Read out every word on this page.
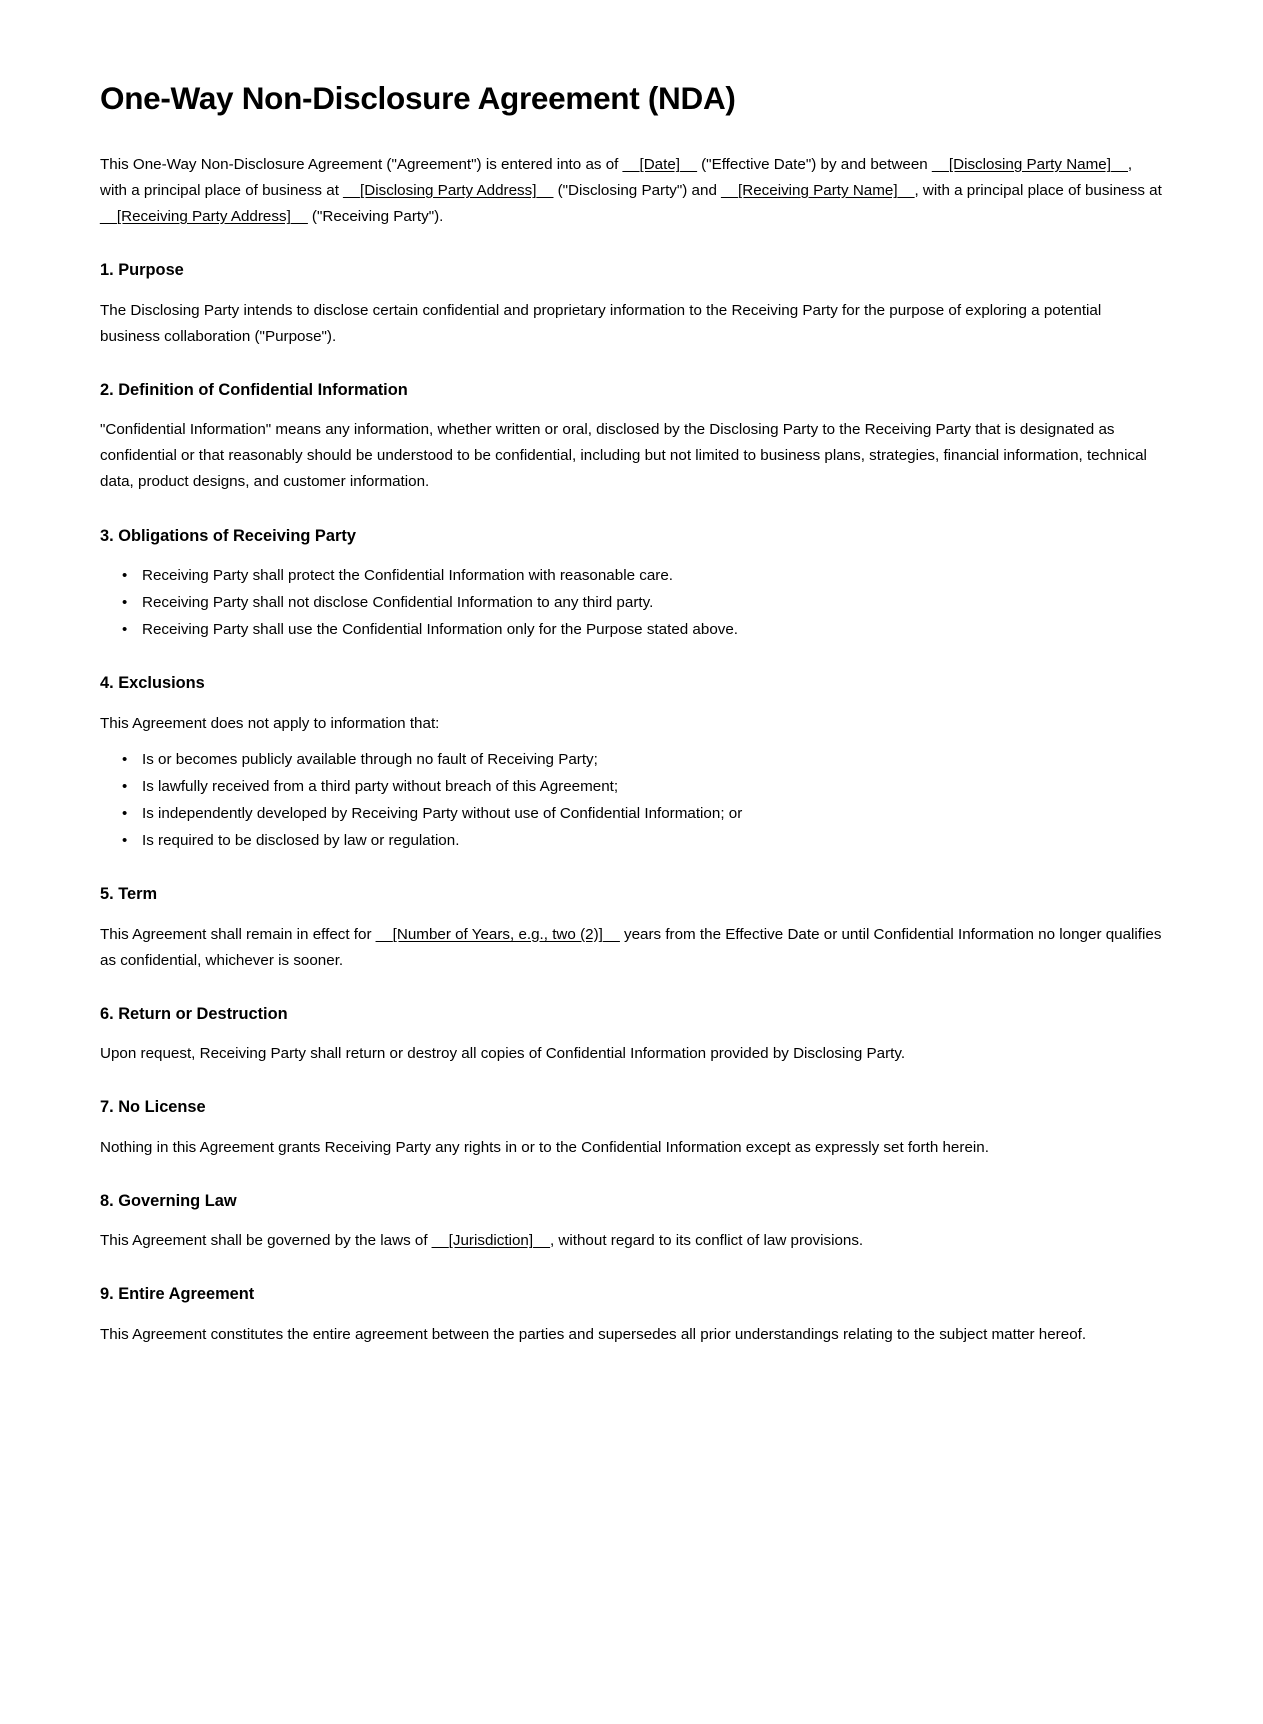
One-Way Non-Disclosure Agreement (NDA)

This One-Way Non-Disclosure Agreement ("Agreement") is entered into as of __[Date]__ ("Effective Date") by and between __[Disclosing Party Name]__, with a principal place of business at __[Disclosing Party Address]__ ("Disclosing Party") and __[Receiving Party Name]__, with a principal place of business at __[Receiving Party Address]__ ("Receiving Party").

1. Purpose

The Disclosing Party intends to disclose certain confidential and proprietary information to the Receiving Party for the purpose of exploring a potential business collaboration ("Purpose").

2. Definition of Confidential Information

"Confidential Information" means any information, whether written or oral, disclosed by the Disclosing Party to the Receiving Party that is designated as confidential or that reasonably should be understood to be confidential, including but not limited to business plans, strategies, financial information, technical data, product designs, and customer information.

3. Obligations of Receiving Party
• Receiving Party shall protect the Confidential Information with reasonable care.
• Receiving Party shall not disclose Confidential Information to any third party.
• Receiving Party shall use the Confidential Information only for the Purpose stated above.
4. Exclusions

This Agreement does not apply to information that:

• Is or becomes publicly available through no fault of Receiving Party;
• Is lawfully received from a third party without breach of this Agreement;
• Is independently developed by Receiving Party without use of Confidential Information; or
• Is required to be disclosed by law or regulation.
5. Term

This Agreement shall remain in effect for __[Number of Years, e.g., two (2)]__ years from the Effective Date or until Confidential Information no longer qualifies as confidential, whichever is sooner.

6. Return or Destruction

Upon request, Receiving Party shall return or destroy all copies of Confidential Information provided by Disclosing Party.

7. No License

Nothing in this Agreement grants Receiving Party any rights in or to the Confidential Information except as expressly set forth herein.

8. Governing Law

This Agreement shall be governed by the laws of __[Jurisdiction]__, without regard to its conflict of law provisions.

9. Entire Agreement

This Agreement constitutes the entire agreement between the parties and supersedes all prior understandings relating to the subject matter hereof.
